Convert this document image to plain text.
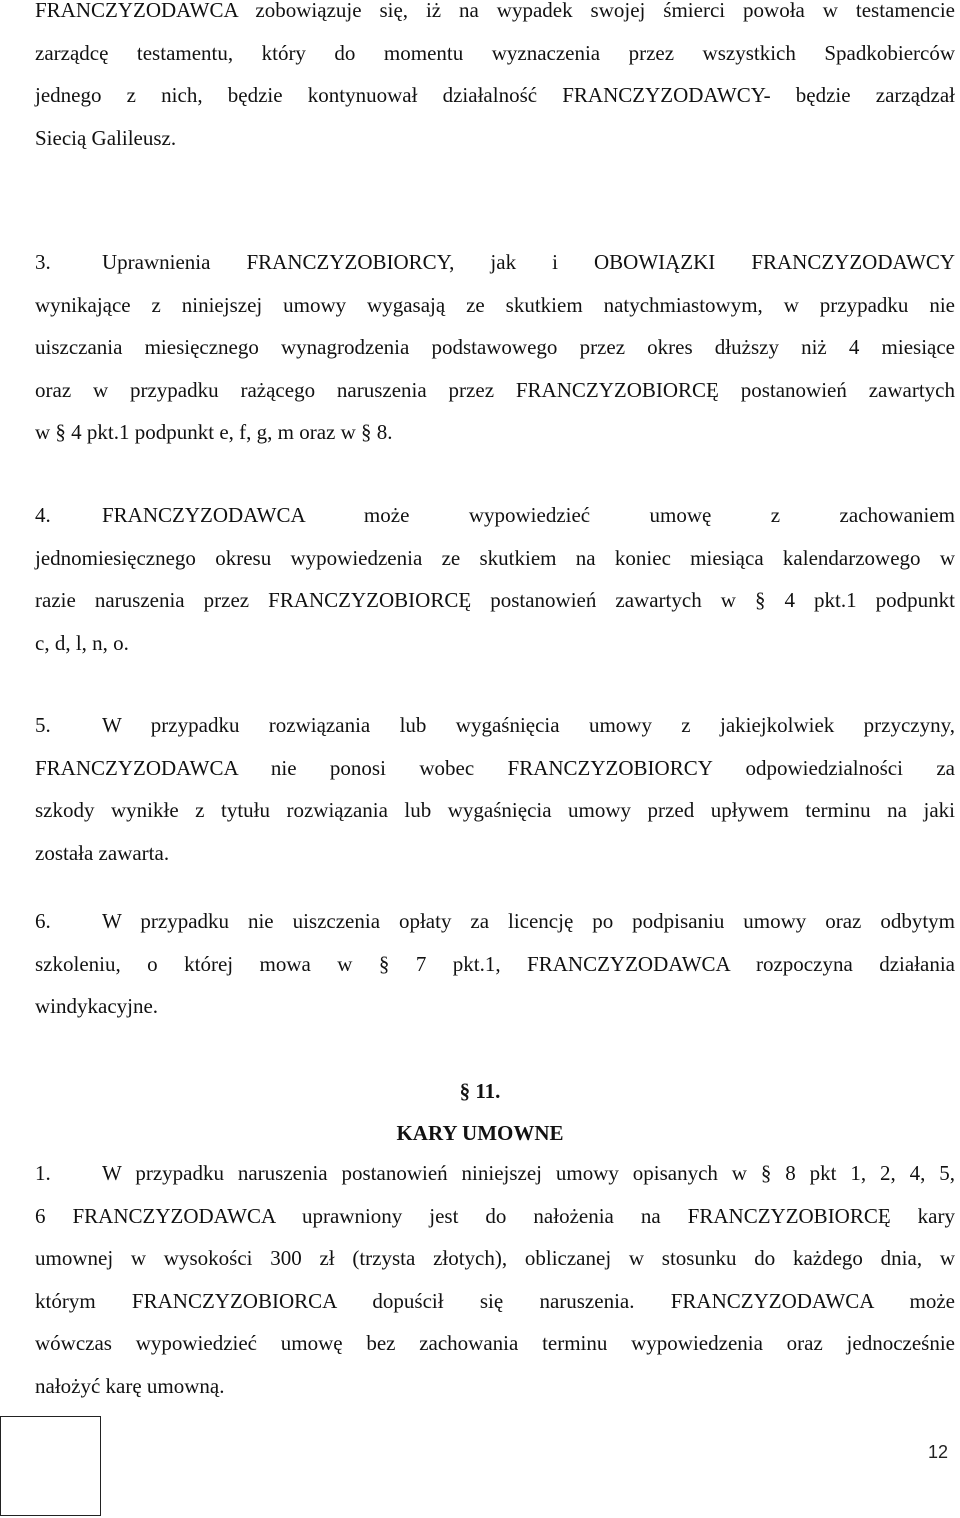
FRANCZYZODAWCA zobowiązuje się, iż na wypadek swojej śmierci powoła w testamencie
zarządcę testamentu, który do momentu wyznaczenia przez wszystkich Spadkobierców
jednego z nich, będzie kontynuował działalność FRANCZYZODAWCY- będzie zarządzał
Siecią Galileusz.
3. Uprawnienia FRANCZYZOBIORCY, jak i OBOWIĄZKI FRANCZYZODAWCY
wynikające z niniejszej umowy wygasają ze skutkiem natychmiastowym, w przypadku nie
uiszczania miesięcznego wynagrodzenia podstawowego przez okres dłuższy niż 4 miesiące
oraz w przypadku rażącego naruszenia przez FRANCZYZOBIORCĘ postanowień zawartych
w § 4 pkt.1 podpunkt e, f, g, m oraz w § 8.
4. FRANCZYZODAWCA może wypowiedzieć umowę z zachowaniem
jednomiesięcznego okresu wypowiedzenia ze skutkiem na koniec miesiąca kalendarzowego w
razie naruszenia przez FRANCZYZOBIORCĘ postanowień zawartych w § 4 pkt.1 podpunkt
c, d, l, n, o.
5. W przypadku rozwiązania lub wygaśnięcia umowy z jakiejkolwiek przyczyny,
FRANCZYZODAWCA nie ponosi wobec FRANCZYZOBIORCY odpowiedzialności za
szkody wynikłe z tytułu rozwiązania lub wygaśnięcia umowy przed upływem terminu na jaki
została zawarta.
6. W przypadku nie uiszczenia opłaty za licencję po podpisaniu umowy oraz odbytym
szkoleniu, o której mowa w § 7 pkt.1, FRANCZYZODAWCA rozpoczyna działania
windykacyjne.
§ 11.
KARY UMOWNE
1. W przypadku naruszenia postanowień niniejszej umowy opisanych w § 8 pkt 1, 2, 4, 5,
6 FRANCZYZODAWCA uprawniony jest do nałożenia na FRANCZYZOBIORCĘ kary
umownej w wysokości 300 zł (trzysta złotych), obliczanej w stosunku do każdego dnia, w
którym FRANCZYZOBIORCA dopuścił się naruszenia. FRANCZYZODAWCA może
wówczas wypowiedzieć umowę bez zachowania terminu wypowiedzenia oraz jednocześnie
nałożyć karę umowną.
12
